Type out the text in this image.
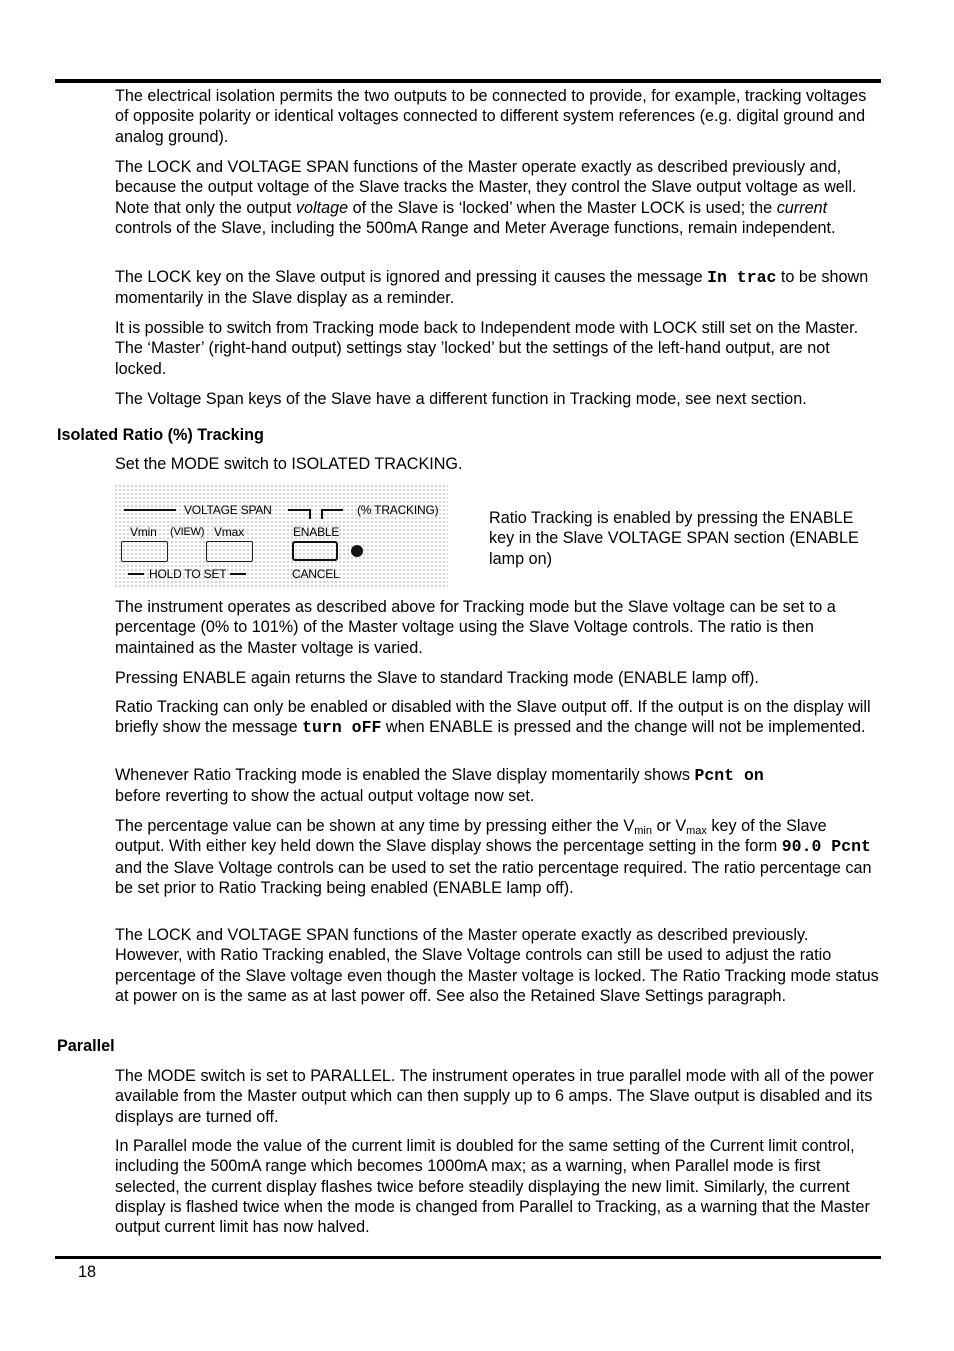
The electrical isolation permits the two outputs to be connected to provide, for example, tracking voltages of opposite polarity or identical voltages connected to different system references (e.g. digital ground and analog ground).

The LOCK and VOLTAGE SPAN functions of the Master operate exactly as described previously and, because the output voltage of the Slave tracks the Master, they control the Slave output voltage as well. Note that only the output voltage of the Slave is ‘locked’ when the Master LOCK is used; the current controls of the Slave, including the 500mA Range and Meter Average functions, remain independent.

The LOCK key on the Slave output is ignored and pressing it causes the message In trac to be shown momentarily in the Slave display as a reminder.

It is possible to switch from Tracking mode back to Independent mode with LOCK still set on the Master. The ‘Master’ (right-hand output) settings stay ’locked’ but the settings of the left-hand output, are not locked.

The Voltage Span keys of the Slave have a different function in Tracking mode, see next section.

Isolated Ratio (%) Tracking

Set the MODE switch to ISOLATED TRACKING.

VOLTAGE SPAN	(% TRACKING)
Vmin (VIEW) Vmax	ENABLE
HOLD TO SET	CANCEL

Ratio Tracking is enabled by pressing the ENABLE key in the Slave VOLTAGE SPAN section (ENABLE lamp on)

The instrument operates as described above for Tracking mode but the Slave voltage can be set to a percentage (0% to 101%) of the Master voltage using the Slave Voltage controls. The ratio is then maintained as the Master voltage is varied.

Pressing ENABLE again returns the Slave to standard Tracking mode (ENABLE lamp off).

Ratio Tracking can only be enabled or disabled with the Slave output off. If the output is on the display will briefly show the message turn oFF when ENABLE is pressed and the change will not be implemented.

Whenever Ratio Tracking mode is enabled the Slave display momentarily shows Pcnt on
before reverting to show the actual output voltage now set.

The percentage value can be shown at any time by pressing either the $V_{min}$ or $V_{max}$ key of the Slave output. With either key held down the Slave display shows the percentage setting in the form 90.0 Pcnt and the Slave Voltage controls can be used to set the ratio percentage required. The ratio percentage can be set prior to Ratio Tracking being enabled (ENABLE lamp off).

The LOCK and VOLTAGE SPAN functions of the Master operate exactly as described previously. However, with Ratio Tracking enabled, the Slave Voltage controls can still be used to adjust the ratio percentage of the Slave voltage even though the Master voltage is locked. The Ratio Tracking mode status at power on is the same as at last power off. See also the Retained Slave Settings paragraph.

Parallel

The MODE switch is set to PARALLEL. The instrument operates in true parallel mode with all of the power available from the Master output which can then supply up to 6 amps. The Slave output is disabled and its displays are turned off.

In Parallel mode the value of the current limit is doubled for the same setting of the Current limit control, including the 500mA range which becomes 1000mA max; as a warning, when Parallel mode is first selected, the current display flashes twice before steadily displaying the new limit. Similarly, the current display is flashed twice when the mode is changed from Parallel to Tracking, as a warning that the Master output current limit has now halved.

18
